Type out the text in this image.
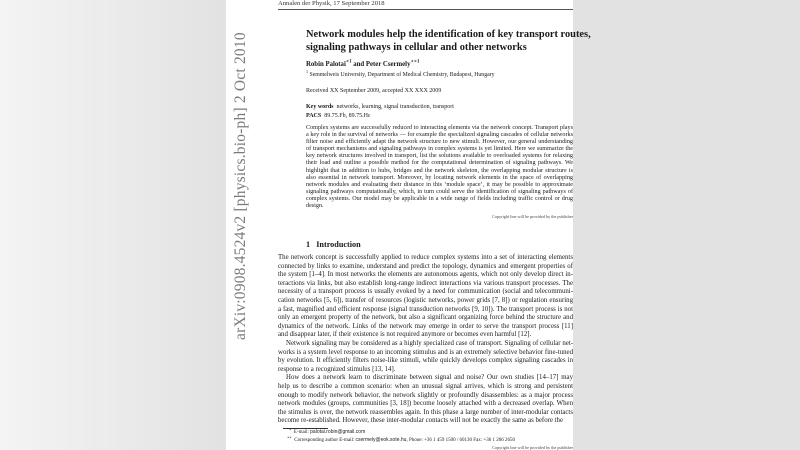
arXiv:0908.4524v2 [physics.bio-ph] 2 Oct 2010
Annalen der Physik, 17 September 2018
Network modules help the identification of key transport routes, signaling pathways in cellular and other networks
Robin Palotai$^{∗1}$ and Peter Csermely$^{∗∗1}$
$^1$ Semmelweis University, Department of Medical Chemistry, Budapest, Hungary
Received XX September 2009, accepted XX XXX 2009
Key words networks, learning, signal transduction, transport
PACS 89.75.Fb, 89.75.Hc
Complex systems are successfully reduced to interacting elements via the network concept. Transport plays
a key role in the survival of networks — for example the specialized signaling cascades of cellular networks
filter noise and efficiently adapt the network structure to new stimuli. However, our general understanding
of transport mechanisms and signaling pathways in complex systems is yet limited. Here we summarize the
key network structures involved in transport, list the solutions available to overloaded systems for relaxing
their load and outline a possible method for the computational determination of signaling pathways. We
highlight that in addition to hubs, bridges and the network skeleton, the overlapping modular structure is
also essential in network transport. Moreover, by locating network elements in the space of overlapping
network modules and evaluating their distance in this ‘module space’, it may be possible to approximate
signaling pathways computationally, which, in turn could serve the identification of signaling pathways of
complex systems. Our model may be applicable in a wide range of fields including traffic control or drug
design.
Copyright line will be provided by the publisher
1 Introduction
The network concept is successfully applied to reduce complex systems into a set of interacting elements
connected by links to examine, understand and predict the topology, dynamics and emergent properties of
the system [1–4]. In most networks the elements are autonomous agents, which not only develop direct in-
teractions via links, but also establish long-range indirect interactions via various transport processes. The
necessity of a transport process is usually evoked by a need for communication (social and telecommuni-
cation networks [5, 6]), transfer of resources (logistic networks, power grids [7, 8]) or regulation ensuring
a fast, magnified and efficient response (signal transduction networks [9, 10]). The transport process is not
only an emergent property of the network, but also a significant organizing force behind the structure and
dynamics of the network. Links of the network may emerge in order to serve the transport process [11]
and disappear later, if their existence is not required anymore or becomes even harmful [12].
Network signaling may be considered as a highly specialized case of transport. Signaling of cellular net-
works is a system level response to an incoming stimulus and is an extremely selective behavior fine-tuned
by evolution. It efficiently filters noise-like stimuli, while quickly develops complex signaling cascades in
response to a recognized stimulus [13, 14].
How does a network learn to discriminate between signal and noise? Our own studies [14–17] may
help us to describe a common scenario: when an unusual signal arrives, which is strong and persistent
enough to modify network behavior, the network slightly or profoundly disassembles: as a major process
network modules (groups, communities [3, 18]) become loosely attached with a decreased overlap. When
the stimulus is over, the network reassembles again. In this phase a large number of inter-modular contacts
become re-established. However, these inter-modular contacts will not be exactly the same as before the
∗  E-mail: palotai.robin@gmail.com
∗∗  Corresponding author E-mail: csermely@eok.sote.hu, Phone: +36 1 459 1500 / 60130 Fax: +36 1 266 2650
Copyright line will be provided by the publisher
